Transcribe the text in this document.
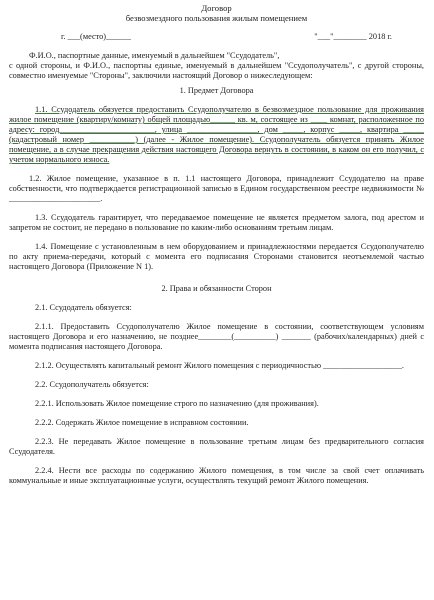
Договор

безвозмездного пользования жилым помещением

г. ___(место)______	"___"________ 2018 г.

Ф.И.О., паспортные данные, именуемый в дальнейшем "Ссудодатель",

с одной стороны, и Ф.И.О., паспортны единые, именуемый в дальнейшем "Ссудополучатель", с другой стороны, совместно именуемые "Стороны", заключили настоящий Договор о нижеследующем:

1. Предмет Договора

1.1. Ссудодатель обязуется предоставить Ссудополучателю в безвозмездное пользование для проживания жилое помещение (квартиру/комнату) общей площадью______ кв. м, состоящее из ____ комнат, расположенное по адресу: город_______________________, улица _________________, дом _____, корпус _____, квартира _____ (кадастровый номер ___________) (далее - Жилое помещение). Ссудополучатель обязуется принять Жилое помещение, а в случае прекращения действия настоящего Договора вернуть в состоянии, в каком он его получил, с учетом нормального износа.

1.2. Жилое помещение, указанное в п. 1.1 настоящего Договора, принадлежит Ссудодателю на праве собственности, что подтверждается регистрационной записью в Едином государственном реестре недвижимости № ______________________.

1.3. Ссудодатель гарантирует, что передаваемое помещение не является предметом залога, под арестом и запретом не состоит, не передано в пользование по каким-либо основаниям третьим лицам.

1.4. Помещение с установленным в нем оборудованием и принадлежностями передается Ссудополучателю по акту приема-передачи, который с момента его подписания Сторонами становится неотъемлемой частью настоящего Договора (Приложение N 1).

2. Права и обязанности Сторон

2.1. Ссудодатель обязуется:

2.1.1. Предоставить Ссудополучателю Жилое помещение в состоянии, соответствующем условиям настоящего Договора и его назначению, не позднее________(__________) _______ (рабочих/календарных) дней с момента подписания настоящего Договора.

2.1.2. Осуществлять капитальный ремонт Жилого помещения с периодичностью ___________________.

2.2. Ссудополучатель обязуется:

2.2.1. Использовать Жилое помещение строго по назначению (для проживания).

2.2.2. Содержать Жилое помещение в исправном состоянии.

2.2.3. Не передавать Жилое помещение в пользование третьим лицам без предварительного согласия Ссудодателя.

2.2.4. Нести все расходы по содержанию Жилого помещения, в том числе за свой счет оплачивать коммунальные и иные эксплуатационные услуги, осуществлять текущий ремонт Жилого помещения.
